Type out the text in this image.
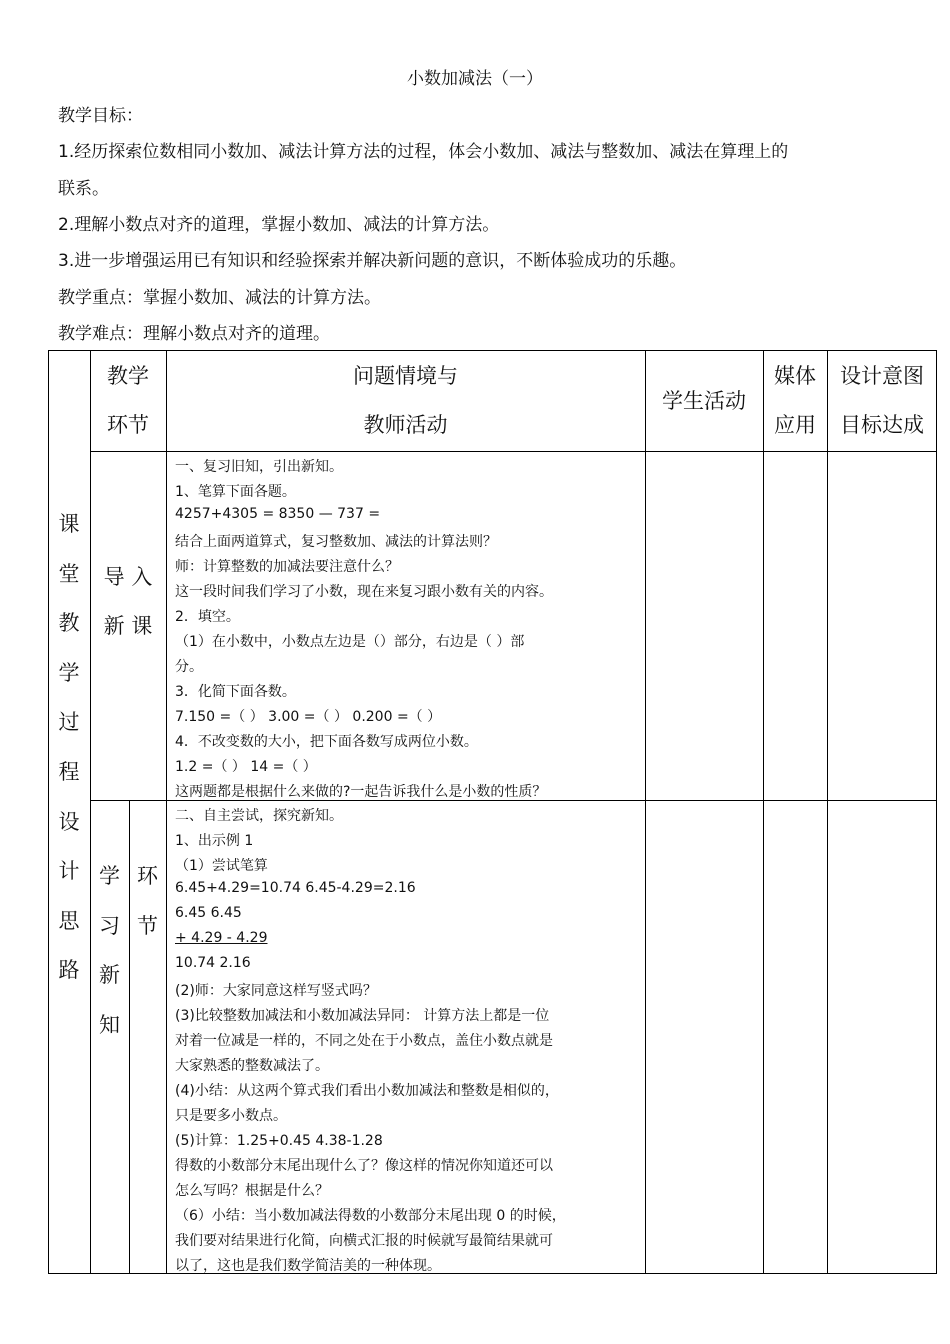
小数加减法（一）
教学目标：
1.经历探索位数相同小数加、减法计算方法的过程，体会小数加、减法与整数加、减法在算理上的
联系。
2.理解小数点对齐的道理，掌握小数加、减法的计算方法。
3.进一步增强运用已有知识和经验探索并解决新问题的意识，不断体验成功的乐趣。
教学重点：掌握小数加、减法的计算方法。
教学难点：理解小数点对齐的道理。
课
堂
教
学
过
程
设
计
思
路
教学
环节
问题情境与
教师活动
学生活动
媒体
应用
设计意图
目标达成
导 入
新 课
学
习
新
知
环
节
一、复习旧知，引出新知。
1、笔算下面各题。
4257+4305 = 8350 — 737 =
结合上面两道算式，复习整数加、减法的计算法则？
师：计算整数的加减法要注意什么？
这一段时间我们学习了小数，现在来复习跟小数有关的内容。
2．填空。
（1）在小数中，小数点左边是（）部分，右边是（ ）部
分。
3．化简下面各数。
7.150 =（ ） 3.00 =（ ） 0.200 =（ ）
4．不改变数的大小，把下面各数写成两位小数。
1.2 =（ ） 14 =（ ）
这两题都是根据什么来做的?一起告诉我什么是小数的性质？
二、自主尝试，探究新知。
1、出示例 1
（1）尝试笔算
6.45+4.29=10.74 6.45-4.29=2.16
6.45 6.45
+ 4.29 - 4.29
10.74 2.16
(2)师：大家同意这样写竖式吗？
(3)比较整数加减法和小数加减法异同： 计算方法上都是一位
对着一位减是一样的，不同之处在于小数点，盖住小数点就是
大家熟悉的整数减法了。
(4)小结：从这两个算式我们看出小数加减法和整数是相似的，
只是要多小数点。
(5)计算：1.25+0.45 4.38-1.28
得数的小数部分末尾出现什么了？像这样的情况你知道还可以
怎么写吗？根据是什么？
（6）小结：当小数加减法得数的小数部分末尾出现 0 的时候，
我们要对结果进行化简，向横式汇报的时候就写最简结果就可
以了，这也是我们数学简洁美的一种体现。
